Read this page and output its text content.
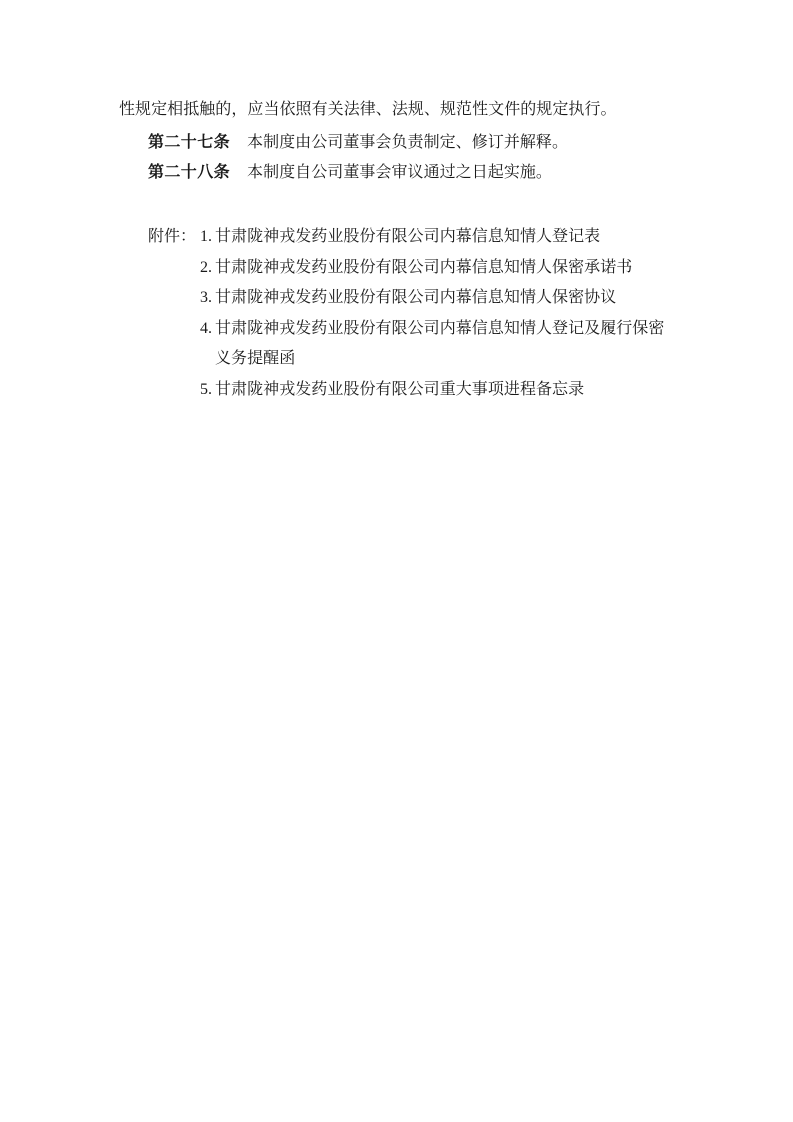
性规定相抵触的，应当依照有关法律、法规、规范性文件的规定执行。
第二十七条 本制度由公司董事会负责制定、修订并解释。
第二十八条 本制度自公司董事会审议通过之日起实施。
附件： 1. 甘肃陇神戎发药业股份有限公司内幕信息知情人登记表
2. 甘肃陇神戎发药业股份有限公司内幕信息知情人保密承诺书
3. 甘肃陇神戎发药业股份有限公司内幕信息知情人保密协议
4. 甘肃陇神戎发药业股份有限公司内幕信息知情人登记及履行保密义务提醒函
5. 甘肃陇神戎发药业股份有限公司重大事项进程备忘录
